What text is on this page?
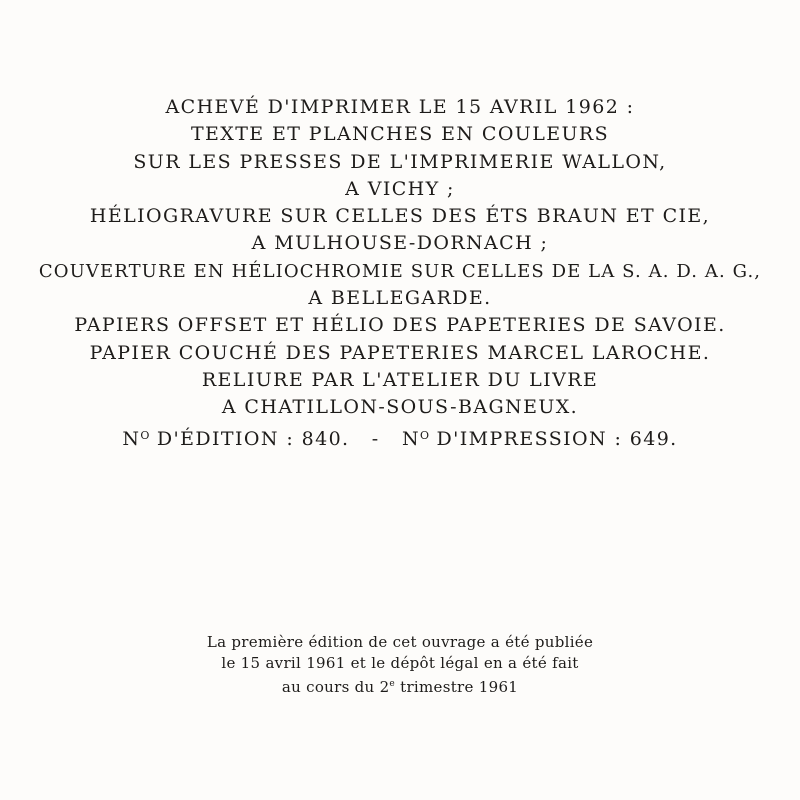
ACHEVÉ D'IMPRIMER LE 15 AVRIL 1962 :
TEXTE ET PLANCHES EN COULEURS
SUR LES PRESSES DE L'IMPRIMERIE WALLON,
A VICHY ;
HÉLIOGRAVURE SUR CELLES DES ÉTS BRAUN ET CIE,
A MULHOUSE-DORNACH ;
COUVERTURE EN HÉLIOCHROMIE SUR CELLES DE LA S. A. D. A. G.,
A BELLEGARDE.
PAPIERS OFFSET ET HÉLIO DES PAPETERIES DE SAVOIE.
PAPIER COUCHÉ DES PAPETERIES MARCEL LAROCHE.
RELIURE PAR L'ATELIER DU LIVRE
A CHATILLON-SOUS-BAGNEUX.
$N^O$ D'ÉDITION : 840.   -   $N^O$ D'IMPRESSION : 649.
La première édition de cet ouvrage a été publiée
le 15 avril 1961 et le dépôt légal en a été fait
au cours du 2e trimestre 1961
